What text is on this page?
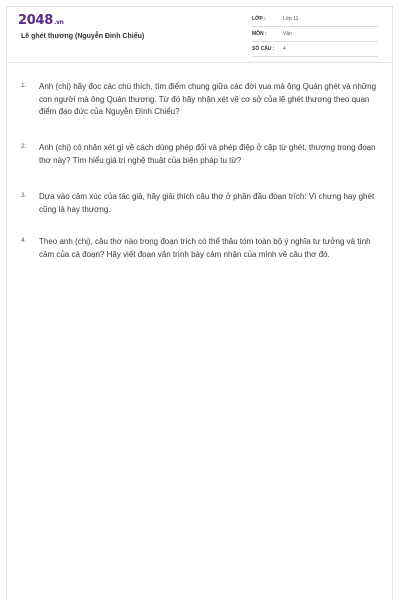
2048.vn
Lê ghét thương (Nguyễn Đình Chiểu)
LỚP :	Lớp 11
MÔN :	Văn
SỐ CÂU : 4
1. Anh (chị) hãy đọc các chú thích, tìm điểm chung giữa các đời vua mà ông Quán ghét và những con người mà ông Quán thương. Từ đó hãy nhận xét về cơ sở của lẽ ghét thương theo quan điểm đạo đức của Nguyễn Đình Chiểu?
2. Anh (chị) có nhận xét gì về cách dùng phép đối và phép điệp ở cặp từ ghét, thương trong đoạn thơ này? Tìm hiểu giá trị nghệ thuật của biện pháp tu từ?
3. Dựa vào cảm xúc của tác giả, hãy giải thích câu thơ ở phần đầu đoạn trích: Vì chưng hay ghét cũng là hay thương.
4. Theo anh (chị), câu thơ nào trong đoạn trích có thể thâu tóm toàn bộ ý nghĩa tư tưởng và tình cảm của cả đoạn? Hãy viết đoạn văn trình bày cảm nhận của mình về câu thơ đó.
